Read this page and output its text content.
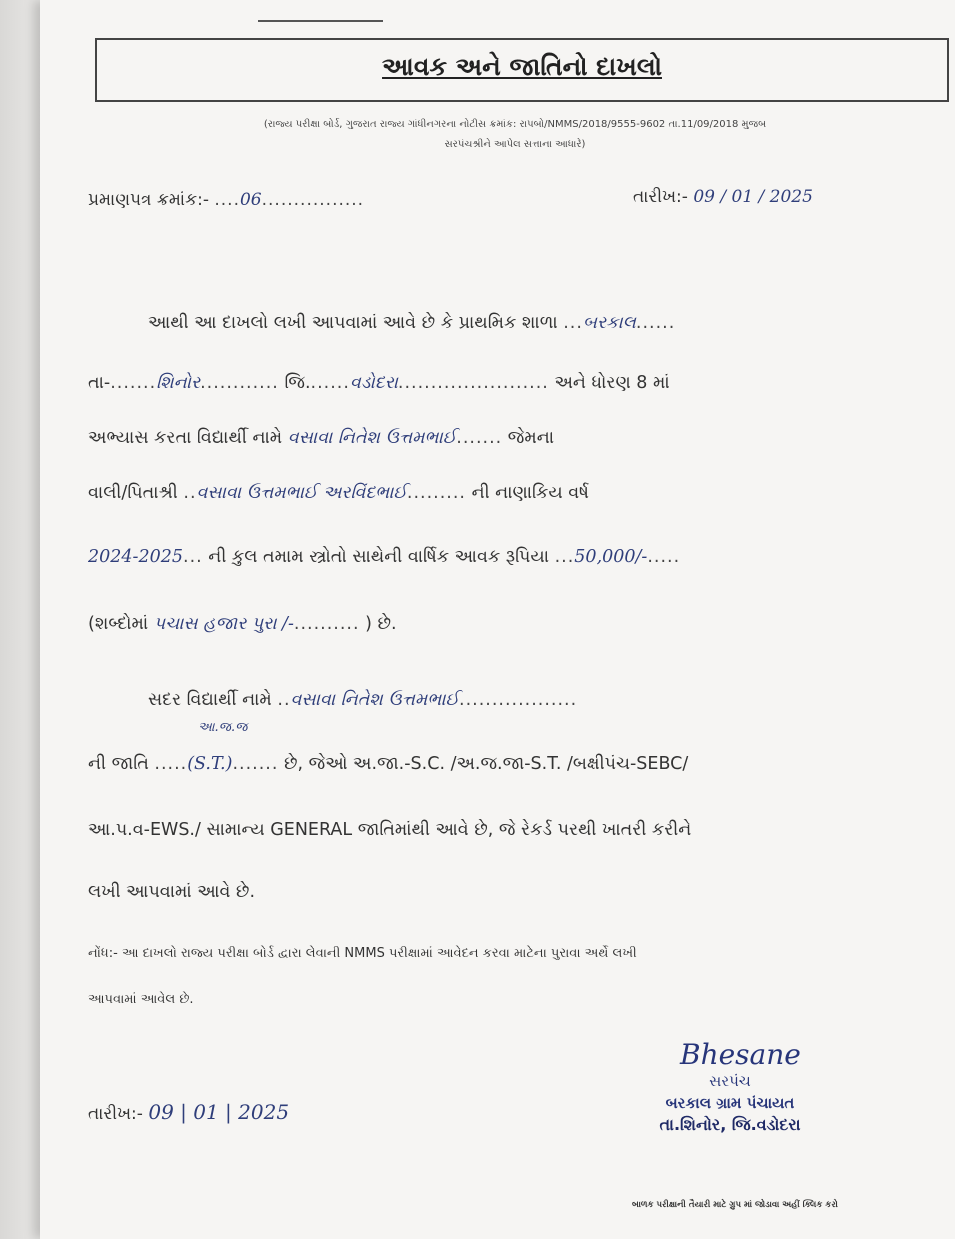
આવક અને જાતિનો દાખલો
(રાજ્ય પરીક્ષા બોર્ડ, ગુજરાત રાજ્ય ગાંધીનગરના નોટીસ ક્રમાંક: રાપબો/NMMS/2018/9555-9602 તા.11/09/2018 મુજબ
સરપંચશ્રીને આપેલ સત્તાના આધારે)
પ્રમાણપત્ર ક્રમાંક:- ....06................	તારીખ:- 09 / 01 / 2025
આથી આ દાખલો લખી આપવામાં આવે છે કે પ્રાથમિક શાળા ...બરકાલ......
તા-.......શિનોર............ જિ.......વડોદરા....................... અને ધોરણ 8 માં
અભ્યાસ કરતા વિદ્યાર્થી નામે વસાવા નિતેશ ઉત્તમભાઈ....... જેમના
વાલી/પિતાશ્રી ..વસાવા ઉત્તમભાઈ અરવિંદભાઈ......... ની નાણાકિય વર્ષ
2024-2025... ની કુલ તમામ સ્ત્રોતો સાથેની વાર્ષિક આવક રૂપિયા ...50,000/-.....
(શબ્દોમાં પચાસ હજાર પુરા /-.......... ) છે.
સદર વિદ્યાર્થી નામે ..વસાવા નિતેશ ઉત્તમભાઈ..................
આ.જ.જ
ની જાતિ .....(S.T.)....... છે, જેઓ અ.જા.-S.C. /અ.જ.જા-S.T. /બક્ષીપંચ-SEBC/
આ.પ.વ-EWS./ સામાન્ય GENERAL જાતિમાંથી આવે છે, જે રેકર્ડ પરથી ખાતરી કરીને
લખી આપવામાં આવે છે.
નોંધ:- આ દાખલો રાજ્ય પરીક્ષા બોર્ડ દ્વારા લેવાની NMMS પરીક્ષામાં આવેદન કરવા માટેના પુરાવા અર્થે લખી
આપવામાં આવેલ છે.
Bhesane
સરપંચ
બરકાલ ગ્રામ પંચાયત
તા.શિનોર, જિ.વડોદરા
તારીખ:- 09 | 01 | 2025
બાળક પરીક્ષાની તૈયારી માટે ગ્રુપ માં જોડાવા અહીં ક્લિક કરો
